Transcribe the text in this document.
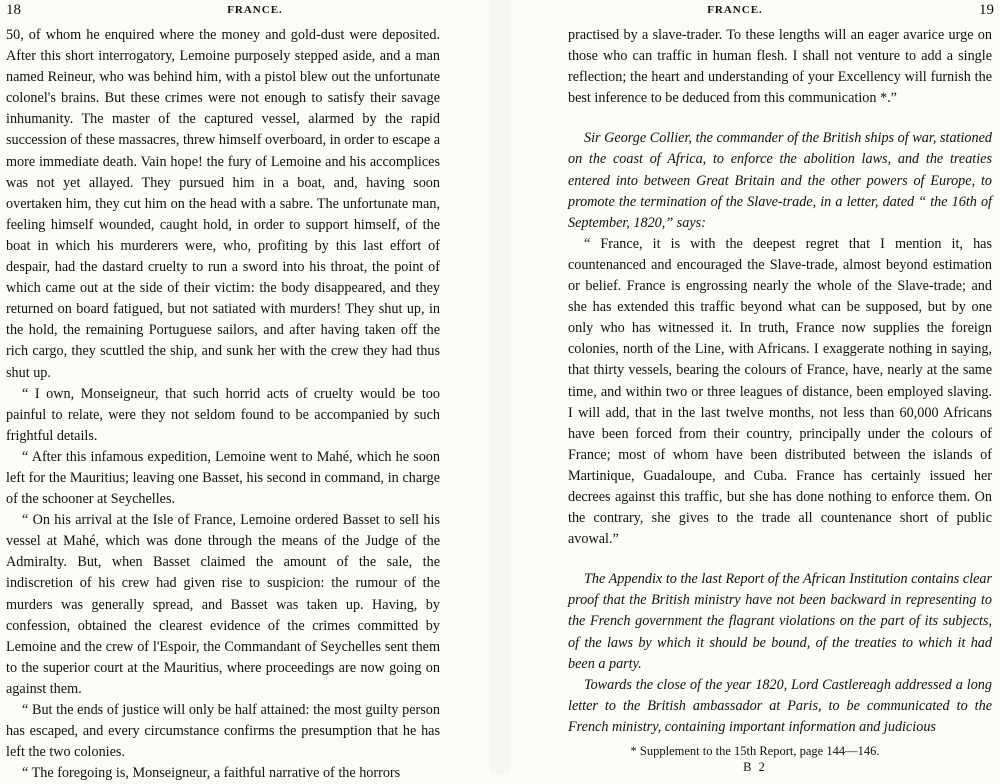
18	FRANCE.

50, of whom he enquired where the money and gold-dust were deposited. After this short interrogatory, Lemoine purposely stepped aside, and a man named Reineur, who was behind him, with a pistol blew out the unfortunate colonel's brains. But these crimes were not enough to satisfy their savage inhumanity. The master of the captured vessel, alarmed by the rapid succession of these massacres, threw himself overboard, in order to escape a more immediate death. Vain hope! the fury of Lemoine and his accomplices was not yet allayed. They pursued him in a boat, and, having soon overtaken him, they cut him on the head with a sabre. The unfortunate man, feeling himself wounded, caught hold, in order to support himself, of the boat in which his murderers were, who, profiting by this last effort of despair, had the dastard cruelty to run a sword into his throat, the point of which came out at the side of their victim: the body disappeared, and they returned on board fatigued, but not satiated with murders! They shut up, in the hold, the remaining Portuguese sailors, and after having taken off the rich cargo, they scuttled the ship, and sunk her with the crew they had thus shut up.

“ I own, Monseigneur, that such horrid acts of cruelty would be too painful to relate, were they not seldom found to be accompanied by such frightful details.

“ After this infamous expedition, Lemoine went to Mahé, which he soon left for the Mauritius; leaving one Basset, his second in command, in charge of the schooner at Seychelles.

“ On his arrival at the Isle of France, Lemoine ordered Basset to sell his vessel at Mahé, which was done through the means of the Judge of the Admiralty. But, when Basset claimed the amount of the sale, the indiscretion of his crew had given rise to suspicion: the rumour of the murders was generally spread, and Basset was taken up. Having, by confession, obtained the clearest evidence of the crimes committed by Lemoine and the crew of l'Espoir, the Commandant of Seychelles sent them to the superior court at the Mauritius, where proceedings are now going on against them.

“ But the ends of justice will only be half attained: the most guilty person has escaped, and every circumstance confirms the presumption that he has left the two colonies.

“ The foregoing is, Monseigneur, a faithful narrative of the horrors

FRANCE.	19

practised by a slave-trader. To these lengths will an eager avarice urge on those who can traffic in human flesh. I shall not venture to add a single reflection; the heart and understanding of your Excellency will furnish the best inference to be deduced from this communication *.”

Sir George Collier, the commander of the British ships of war, stationed on the coast of Africa, to enforce the abolition laws, and the treaties entered into between Great Britain and the other powers of Europe, to promote the termination of the Slave-trade, in a letter, dated “ the 16th of September, 1820,” says:

“ France, it is with the deepest regret that I mention it, has countenanced and encouraged the Slave-trade, almost beyond estimation or belief. France is engrossing nearly the whole of the Slave-trade; and she has extended this traffic beyond what can be supposed, but by one only who has witnessed it. In truth, France now supplies the foreign colonies, north of the Line, with Africans. I exaggerate nothing in saying, that thirty vessels, bearing the colours of France, have, nearly at the same time, and within two or three leagues of distance, been employed slaving. I will add, that in the last twelve months, not less than 60,000 Africans have been forced from their country, principally under the colours of France; most of whom have been distributed between the islands of Martinique, Guadaloupe, and Cuba. France has certainly issued her decrees against this traffic, but she has done nothing to enforce them. On the contrary, she gives to the trade all countenance short of public avowal.”

The Appendix to the last Report of the African Institution contains clear proof that the British ministry have not been backward in representing to the French government the flagrant violations on the part of its subjects, of the laws by which it should be bound, of the treaties to which it had been a party.

Towards the close of the year 1820, Lord Castlereagh addressed a long letter to the British ambassador at Paris, to be communicated to the French ministry, containing important information and judicious

* Supplement to the 15th Report, page 144—146.
B 2
